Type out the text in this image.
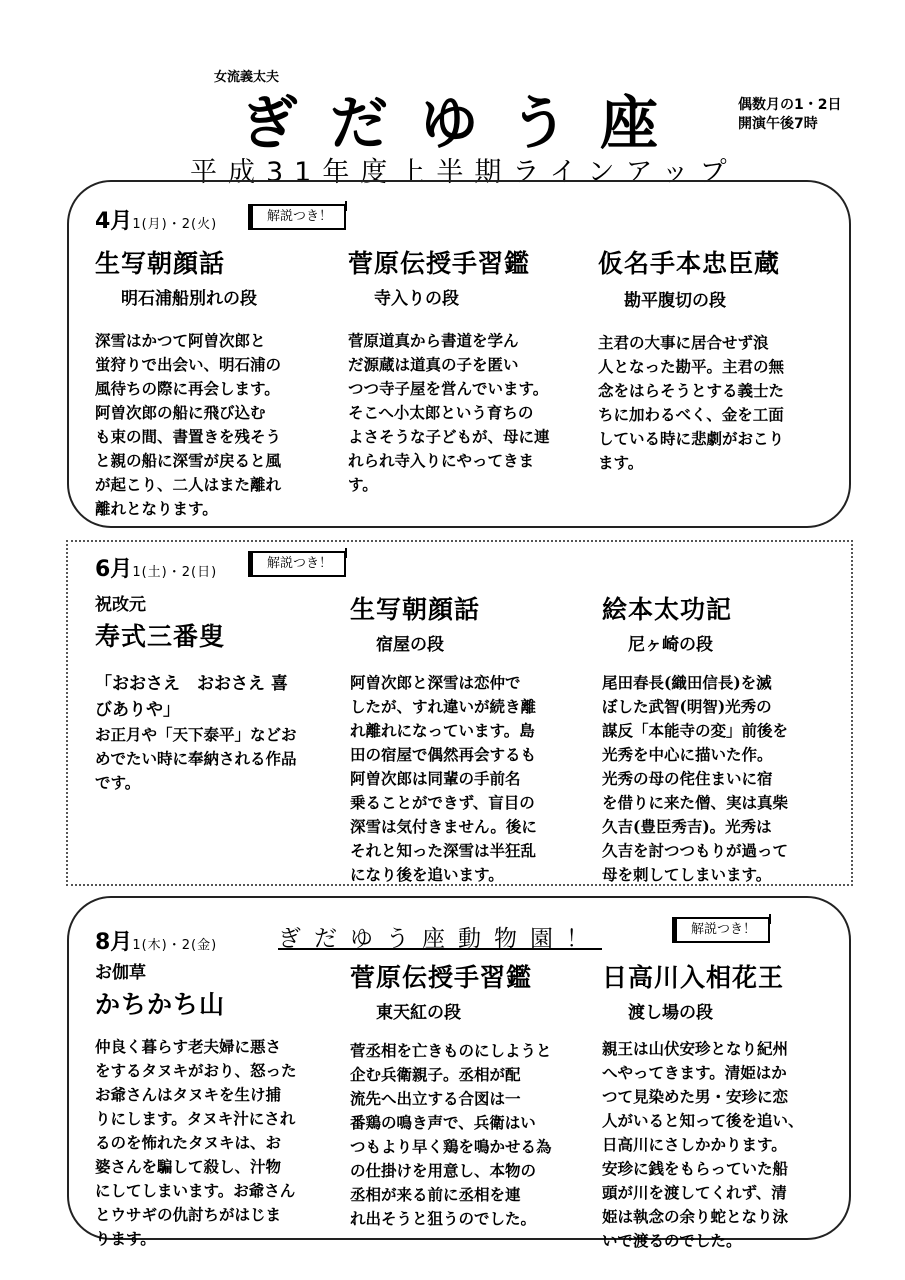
女流義太夫
ぎだゆう座	偶数月の1・2日
開演午後7時
平成31年度上半期ラインアップ
4月1(月)・2(火)
解説つき！
生写朝顔話
明石浦船別れの段
深雪はかつて阿曽次郎と
蛍狩りで出会い、明石浦の
風待ちの際に再会します。
阿曽次郎の船に飛び込む
も束の間、書置きを残そう
と親の船に深雪が戻ると風
が起こり、二人はまた離れ
離れとなります。
菅原伝授手習鑑
寺入りの段
菅原道真から書道を学ん
だ源蔵は道真の子を匿い
つつ寺子屋を営んでいます。
そこへ小太郎という育ちの
よさそうな子どもが、母に連
れられ寺入りにやってきま
す。
仮名手本忠臣蔵
勘平腹切の段
主君の大事に居合せず浪
人となった勘平。主君の無
念をはらそうとする義士た
ちに加わるべく、金を工面
している時に悲劇がおこり
ます。
6月1(土)・2(日)
解説つき！
祝改元
寿式三番叟
「おおさえ　おおさえ 喜
びありや」
お正月や「天下泰平」などお
めでたい時に奉納される作品
です。
生写朝顔話
宿屋の段
阿曽次郎と深雪は恋仲で
したが、すれ違いが続き離
れ離れになっています。島
田の宿屋で偶然再会するも
阿曽次郎は同輩の手前名
乗ることができず、盲目の
深雪は気付きません。後に
それと知った深雪は半狂乱
になり後を追います。
絵本太功記
尼ヶ崎の段
尾田春長(織田信長)を滅
ぼした武智(明智)光秀の
謀反「本能寺の変」前後を
光秀を中心に描いた作。
光秀の母の侘住まいに宿
を借りに来た僧、実は真柴
久吉(豊臣秀吉)。光秀は
久吉を討つつもりが過って
母を刺してしまいます。
8月1(木)・2(金)	ぎだゆう座動物園！	解説つき！
お伽草
かちかち山
仲良く暮らす老夫婦に悪さ
をするタヌキがおり、怒った
お爺さんはタヌキを生け捕
りにします。タヌキ汁にされ
るのを怖れたタヌキは、お
婆さんを騙して殺し、汁物
にしてしまいます。お爺さん
とウサギの仇討ちがはじま
ります。
菅原伝授手習鑑
東天紅の段
菅丞相を亡きものにしようと
企む兵衛親子。丞相が配
流先へ出立する合図は一
番鶏の鳴き声で、兵衛はい
つもより早く鶏を鳴かせる為
の仕掛けを用意し、本物の
丞相が来る前に丞相を連
れ出そうと狙うのでした。
日高川入相花王
渡し場の段
親王は山伏安珍となり紀州
へやってきます。清姫はか
つて見染めた男・安珍に恋
人がいると知って後を追い、
日高川にさしかかります。
安珍に銭をもらっていた船
頭が川を渡してくれず、清
姫は執念の余り蛇となり泳
いで渡るのでした。
